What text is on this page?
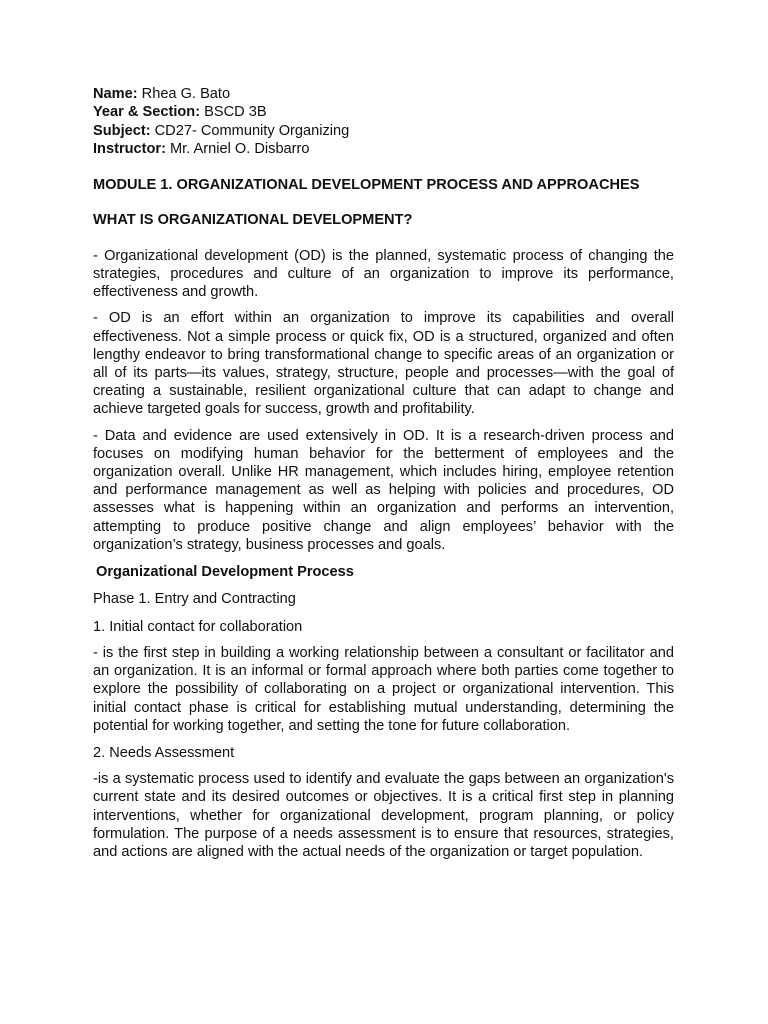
Name: Rhea G. Bato

Year & Section: BSCD 3B

Subject: CD27- Community Organizing

Instructor: Mr. Arniel O. Disbarro

MODULE 1. ORGANIZATIONAL DEVELOPMENT PROCESS AND APPROACHES

WHAT IS ORGANIZATIONAL DEVELOPMENT?

- Organizational development (OD) is the planned, systematic process of changing the strategies, procedures and culture of an organization to improve its performance, effectiveness and growth.

- OD is an effort within an organization to improve its capabilities and overall effectiveness. Not a simple process or quick fix, OD is a structured, organized and often lengthy endeavor to bring transformational change to specific areas of an organization or all of its parts—its values, strategy, structure, people and processes—with the goal of creating a sustainable, resilient organizational culture that can adapt to change and achieve targeted goals for success, growth and profitability.

- Data and evidence are used extensively in OD. It is a research-driven process and focuses on modifying human behavior for the betterment of employees and the organization overall. Unlike HR management, which includes hiring, employee retention and performance management as well as helping with policies and procedures, OD assesses what is happening within an organization and performs an intervention, attempting to produce positive change and align employees’ behavior with the organization’s strategy, business processes and goals.

Organizational Development Process

Phase 1. Entry and Contracting

1. Initial contact for collaboration

- is the first step in building a working relationship between a consultant or facilitator and an organization. It is an informal or formal approach where both parties come together to explore the possibility of collaborating on a project or organizational intervention. This initial contact phase is critical for establishing mutual understanding, determining the potential for working together, and setting the tone for future collaboration.

2. Needs Assessment

-is a systematic process used to identify and evaluate the gaps between an organization's current state and its desired outcomes or objectives. It is a critical first step in planning interventions, whether for organizational development, program planning, or policy formulation. The purpose of a needs assessment is to ensure that resources, strategies, and actions are aligned with the actual needs of the organization or target population.
